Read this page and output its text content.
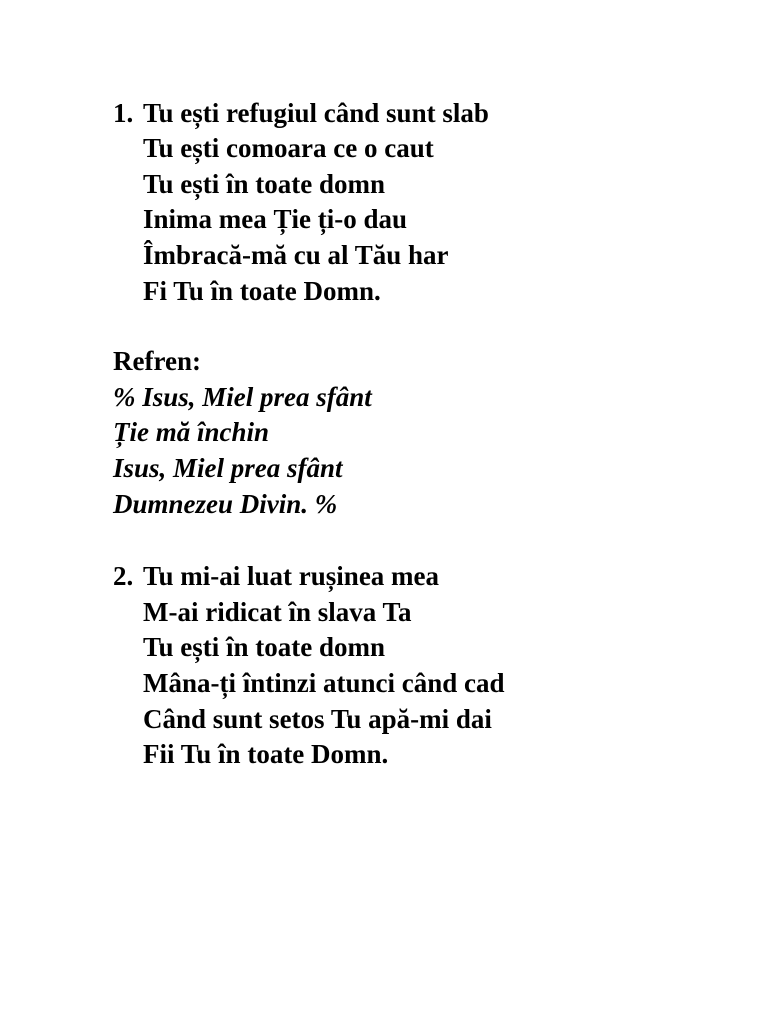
1. Tu ești refugiul când sunt slab
Tu ești comoara ce o caut
Tu ești în toate domn
Inima mea Ție ți-o dau
Îmbracă-mă cu al Tău har
Fi Tu în toate Domn.
Refren:
% Isus, Miel prea sfânt
Ție mă închin
Isus, Miel prea sfânt
Dumnezeu Divin. %
2. Tu mi-ai luat rușinea mea
M-ai ridicat în slava Ta
Tu ești în toate domn
Mâna-ți întinzi atunci când cad
Când sunt setos Tu apă-mi dai
Fii Tu în toate Domn.
